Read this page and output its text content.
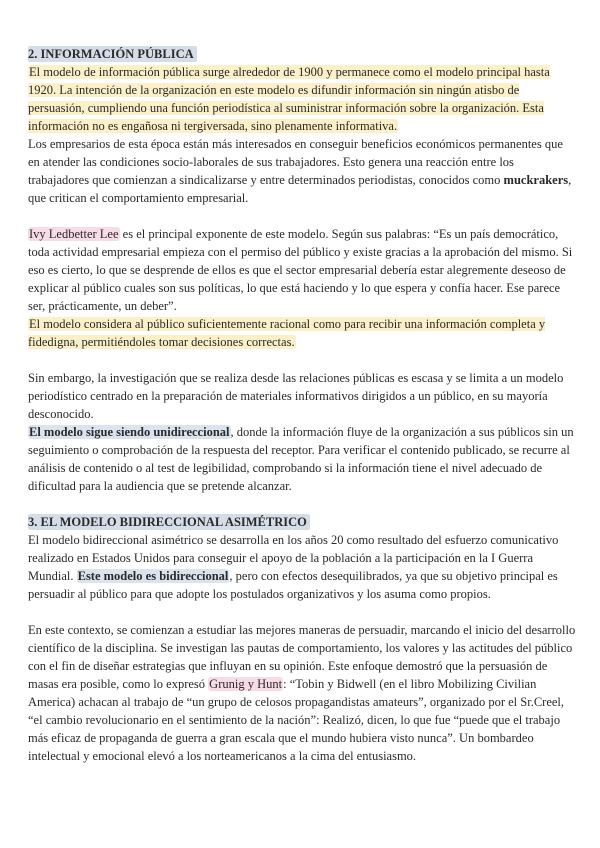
2. INFORMACIÓN PÚBLICA

El modelo de información pública surge alrededor de 1900 y permanece como el modelo principal hasta 1920. La intención de la organización en este modelo es difundir información sin ningún atisbo de persuasión, cumpliendo una función periodística al suministrar información sobre la organización. Esta información no es engañosa ni tergiversada, sino plenamente informativa.

Los empresarios de esta época están más interesados en conseguir beneficios económicos permanentes que en atender las condiciones socio-laborales de sus trabajadores. Esto genera una reacción entre los trabajadores que comienzan a sindicalizarse y entre determinados periodistas, conocidos como muckrakers, que critican el comportamiento empresarial.

Ivy Ledbetter Lee es el principal exponente de este modelo. Según sus palabras: “Es un país democrático, toda actividad empresarial empieza con el permiso del público y existe gracias a la aprobación del mismo. Si eso es cierto, lo que se desprende de ellos es que el sector empresarial debería estar alegremente deseoso de explicar al público cuales son sus políticas, lo que está haciendo y lo que espera y confía hacer. Ese parece ser, prácticamente, un deber”.

El modelo considera al público suficientemente racional como para recibir una información completa y fidedigna, permitiéndoles tomar decisiones correctas.

Sin embargo, la investigación que se realiza desde las relaciones públicas es escasa y se limita a un modelo periodístico centrado en la preparación de materiales informativos dirigidos a un público, en su mayoría desconocido.

El modelo sigue siendo unidireccional, donde la información fluye de la organización a sus públicos sin un seguimiento o comprobación de la respuesta del receptor. Para verificar el contenido publicado, se recurre al análisis de contenido o al test de legibilidad, comprobando si la información tiene el nivel adecuado de dificultad para la audiencia que se pretende alcanzar.

3. EL MODELO BIDIRECCIONAL ASIMÉTRICO

El modelo bidireccional asimétrico se desarrolla en los años 20 como resultado del esfuerzo comunicativo realizado en Estados Unidos para conseguir el apoyo de la población a la participación en la I Guerra Mundial. Este modelo es bidireccional, pero con efectos desequilibrados, ya que su objetivo principal es persuadir al público para que adopte los postulados organizativos y los asuma como propios.

En este contexto, se comienzan a estudiar las mejores maneras de persuadir, marcando el inicio del desarrollo científico de la disciplina. Se investigan las pautas de comportamiento, los valores y las actitudes del público con el fin de diseñar estrategias que influyan en su opinión. Este enfoque demostró que la persuasión de masas era posible, como lo expresó Grunig y Hunt: “Tobin y Bidwell (en el libro Mobilizing Civilian America) achacan al trabajo de “un grupo de celosos propagandistas amateurs”, organizado por el Sr.Creel, “el cambio revolucionario en el sentimiento de la nación”: Realizó, dicen, lo que fue “puede que el trabajo más eficaz de propaganda de guerra a gran escala que el mundo hubiera visto nunca”. Un bombardeo intelectual y emocional elevó a los norteamericanos a la cima del entusiasmo.
